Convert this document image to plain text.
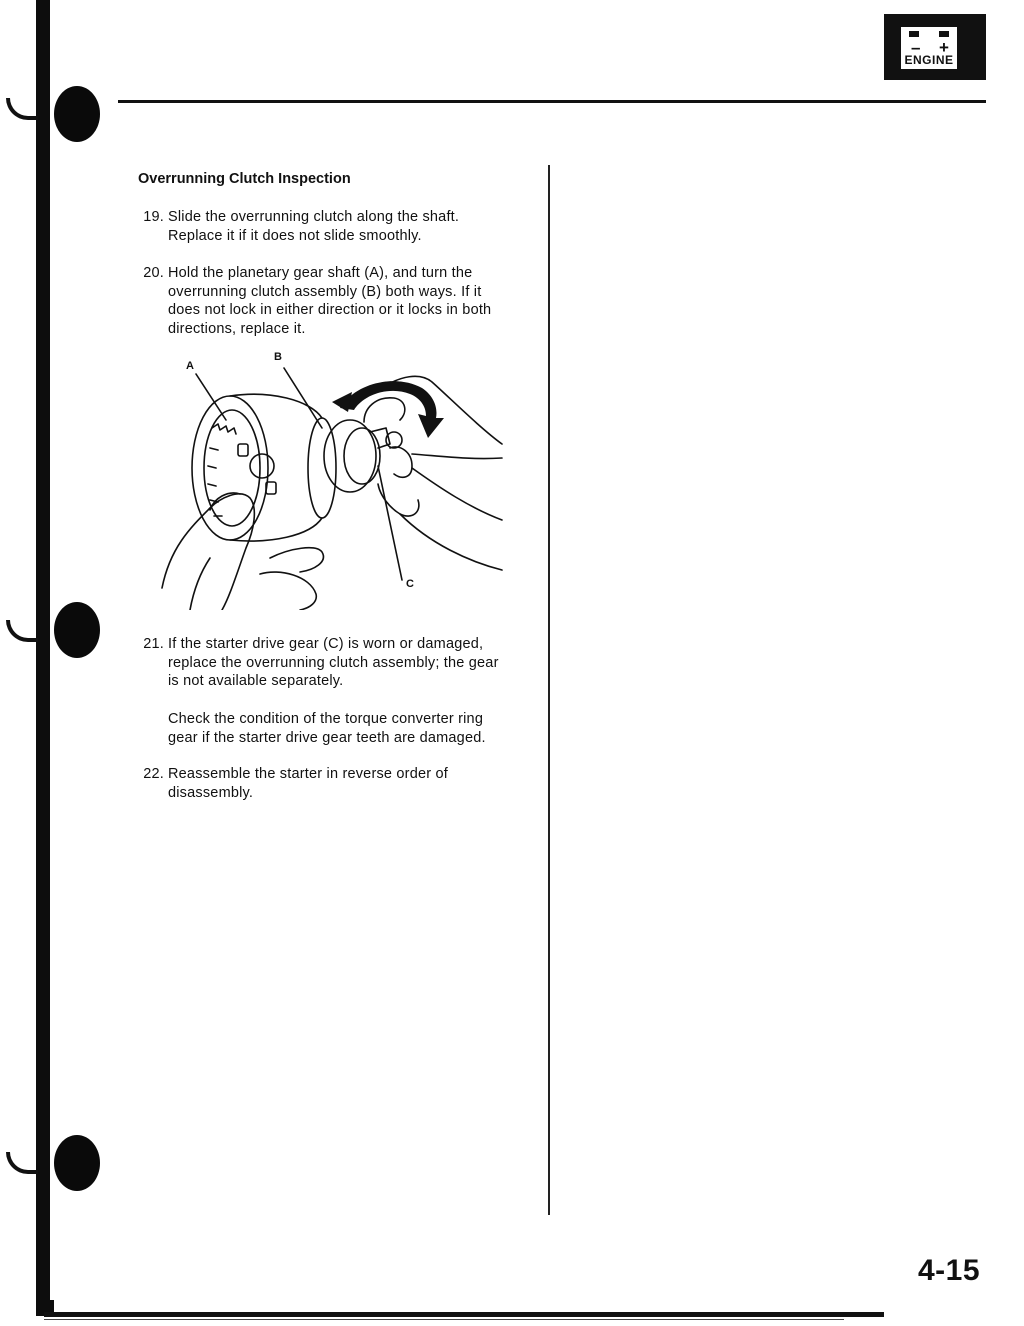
– +
ENGINE
Overrunning Clutch Inspection
19. Slide the overrunning clutch along the shaft.
Replace it if it does not slide smoothly.
20. Hold the planetary gear shaft (A), and turn the
overrunning clutch assembly (B) both ways. If it
does not lock in either direction or it locks in both
directions, replace it.
A
B
C
21. If the starter drive gear (C) is worn or damaged,
replace the overrunning clutch assembly; the gear
is not available separately.
Check the condition of the torque converter ring
gear if the starter drive gear teeth are damaged.
22. Reassemble the starter in reverse order of
disassembly.
4-15
